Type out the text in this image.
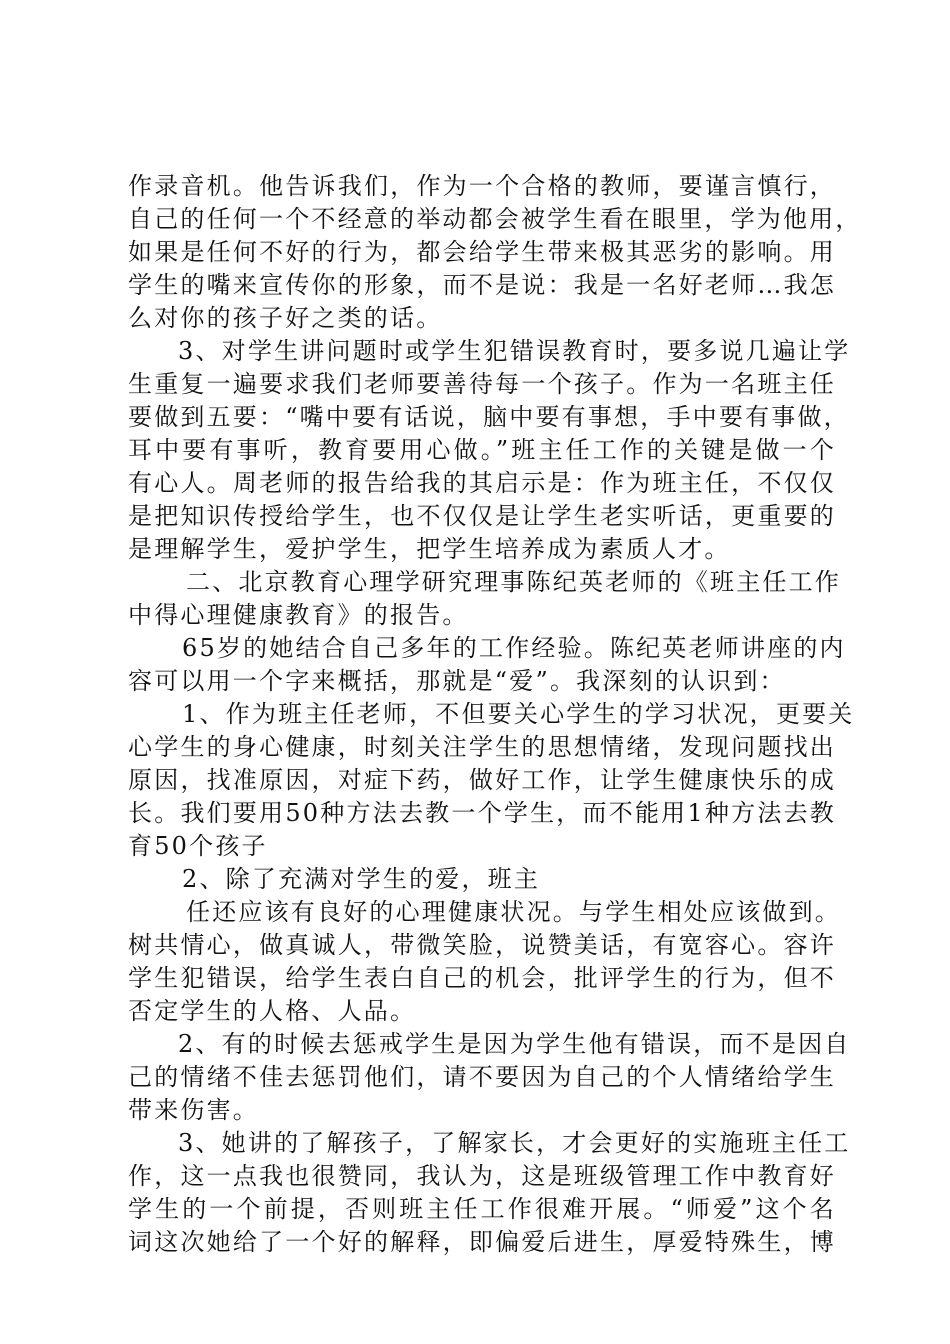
作录音机。他告诉我们，作为一个合格的教师，要谨言慎行，
自己的任何一个不经意的举动都会被学生看在眼里，学为他用，
如果是任何不好的行为，都会给学生带来极其恶劣的影响。用
学生的嘴来宣传你的形象，而不是说：我是一名好老师…我怎
么对你的孩子好之类的话。
3、对学生讲问题时或学生犯错误教育时，要多说几遍让学
生重复一遍要求我们老师要善待每一个孩子。作为一名班主任
要做到五要：“嘴中要有话说，脑中要有事想，手中要有事做，
耳中要有事听，教育要用心做。”班主任工作的关键是做一个
有心人。周老师的报告给我的其启示是：作为班主任，不仅仅
是把知识传授给学生，也不仅仅是让学生老实听话，更重要的
是理解学生，爱护学生，把学生培养成为素质人才。
二、北京教育心理学研究理事陈纪英老师的《班主任工作
中得心理健康教育》的报告。
65岁的她结合自己多年的工作经验。陈纪英老师讲座的内
容可以用一个字来概括，那就是“爱”。我深刻的认识到：
1、作为班主任老师，不但要关心学生的学习状况，更要关
心学生的身心健康，时刻关注学生的思想情绪，发现问题找出
原因，找准原因，对症下药，做好工作，让学生健康快乐的成
长。我们要用50种方法去教一个学生，而不能用1种方法去教
育50个孩子
2、除了充满对学生的爱，班主
任还应该有良好的心理健康状况。与学生相处应该做到。
树共情心，做真诚人，带微笑脸，说赞美话，有宽容心。容许
学生犯错误，给学生表白自己的机会，批评学生的行为，但不
否定学生的人格、人品。
2、有的时候去惩戒学生是因为学生他有错误，而不是因自
己的情绪不佳去惩罚他们，请不要因为自己的个人情绪给学生
带来伤害。
3、她讲的了解孩子，了解家长，才会更好的实施班主任工
作，这一点我也很赞同，我认为，这是班级管理工作中教育好
学生的一个前提，否则班主任工作很难开展。“师爱”这个名
词这次她给了一个好的解释，即偏爱后进生，厚爱特殊生，博
